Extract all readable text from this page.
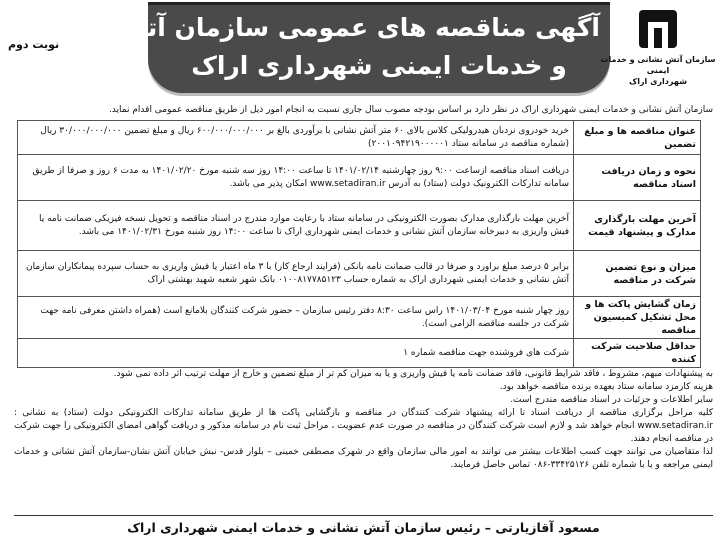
آگهی مناقصه های عمومی سازمان آتش نشانی
و خدمات ایمنی شهرداری اراک	سازمان آتش نشانی و خدمات ایمنی
شهرداری اراک
نوبت دوم
سازمان آتش نشانی و خدمات ایمنی شهرداری اراک در نظر دارد بر اساس بودجه مصوب سال جاری نسبت به انجام امور ذیل از طریق مناقصه عمومی اقدام نماید.
عنوان مناقصه ها و مبلغ تضمین	خرید خودروی نردبان هیدرولیکی کلاس بالای ۶۰ متر آتش نشانی با برآوردی بالغ بر ۶۰۰/۰۰۰/۰۰۰/۰۰۰ ریال و مبلغ تضمین ۳۰/۰۰۰/۰۰۰/۰۰۰ ریال (شماره مناقصه در سامانه ستاد ۲۰۰۱۰۹۴۲۱۹۰۰۰۰۰۱)
نحوه و زمان دریافت اسناد مناقصه	دریافت اسناد مناقصه ازساعت ۹:۰۰ روز چهارشنبه ۱۴۰۱/۰۲/۱۴ تا ساعت ۱۴:۰۰ روز سه شنبه مورخ ۱۴۰۱/۰۲/۲۰ به مدت ۶ روز و صرفا از طریق سامانه تدارکات الکترونیک دولت (ستاد) به آدرس www.setadiran.ir امکان پذیر می باشد.
آخرین مهلت بارگذاری مدارک و پیشنهاد قیمت	آخرین مهلت بارگذاری مدارک بصورت الکترونیکی در سامانه ستاد با رعایت موارد مندرج در اسناد مناقصه و تحویل نسخه فیزیکی ضمانت نامه یا فیش واریزی به دبیرخانه سازمان آتش نشانی و خدمات ایمنی شهرداری اراک تا ساعت ۱۴:۰۰ روز شنبه مورخ ۱۴۰۱/۰۲/۳۱ می باشد.
میزان و نوع تضمین شرکت در مناقصه	برابر ۵ درصد مبلغ براورد و صرفا در قالب ضمانت نامه بانکی (فرایند ارجاع کار) با ۳ ماه اعتبار یا فیش واریزی به حساب سپرده پیمانکاران سازمان آتش نشانی و خدمات ایمنی شهرداری اراک به شماره حساب ۰۱۰۰۸۱۷۷۸۵۱۲۳ بانک شهر شعبه شهید بهشتی اراک
زمان گشایش پاکت ها و محل تشکیل کمیسیون مناقصه	روز چهار شنبه مورخ ۱۴۰۱/۰۳/۰۴ راس ساعت ۸:۳۰ دفتر رئیس سازمان – حضور شرکت کنندگان بلامانع است (همراه داشتن معرفی نامه جهت شرکت در جلسه مناقصه الزامی است).
حداقل صلاحیت شرکت کننده	شرکت های فروشنده جهت مناقصه شماره ۱

به پیشنهادات مبهم، مشروط ، فاقد شرایط قانونی، فاقد ضمانت نامه یا فیش واریزی و یا به میزان کم تر از مبلغ تضمین و خارج از مهلت ترتیب اثر داده نمی شود.

هزینه کارمزد سامانه ستاد بعهده برنده مناقصه خواهد بود.

سایر اطلاعات و جزئیات در اسناد مناقصه مندرج است.

کلیه مراحل برگزاری مناقصه از دریافت اسناد تا ارائه پیشنهاد شرکت کنندگان در مناقصه و بازگشایی پاکت ها از طریق سامانه تدارکات الکترونیکی دولت (ستاد) به نشانی : www.setadiran.ir انجام خواهد شد و لازم است شرکت کنندگان در مناقصه در صورت عدم عضویت ، مراحل ثبت نام در سامانه مذکور و دریافت گواهی امضای الکترونیکی را جهت شرکت در مناقصه انجام دهند.

لذا متقاضیان می توانند جهت کسب اطلاعات بیشتر می توانند به امور مالی سازمان واقع در شهرک مصطفی خمینی – بلوار قدس- نبش خیابان آتش نشان-سازمان آتش نشانی و خدمات ایمنی مراجعه و یا با شماره تلفن ۳۳۴۲۵۱۲۶-۰۸۶ تماس حاصل فرمایند.

مسعود آقازیارتی – رئیس سازمان آتش نشانی و خدمات ایمنی شهرداری اراک
